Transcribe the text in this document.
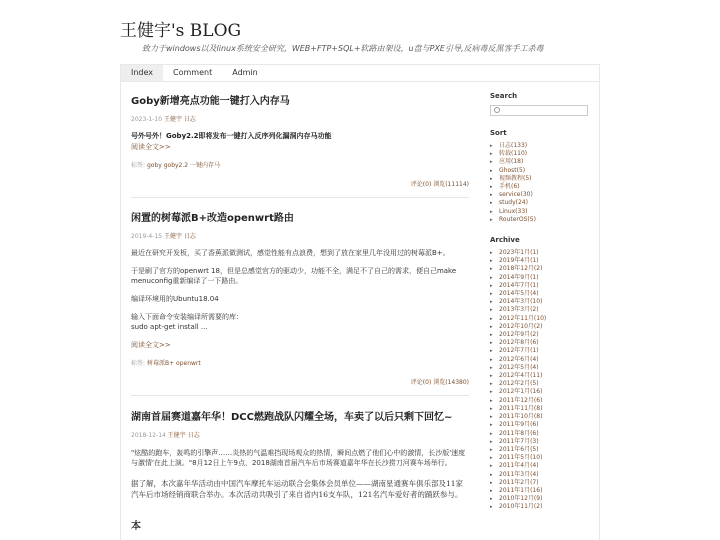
王健宇's BLOG
致力于windows以及linux系统安全研究，WEB+FTP+SQL+软路由架设，u盘与PXE引导,反病毒反黑客手工杀毒
Index	Comment	Admin
Goby新增亮点功能一键打入内存马
2023-1-10 王健宇 日志

号外号外！Goby2.2即将发布一键打入反序列化漏洞内存马功能

阅读全文>>
标签: goby goby2.2 一键内存马
评论(0) 浏览(11114)
闲置的树莓派B+改造openwrt路由
2019-4-15 王健宇 日志

最近在研究开发板，买了香蕉派做测试，感觉性能有点浪费，想到了放在家里几年没用过的树莓派B+。

于是刷了官方的openwrt 18，但是总感觉官方的驱动少，功能不全，满足不了自己的需求，便自己make menuconfig重新编译了一下路由。

编译环境用的Ubuntu18.04

输入下面命令安装编译所需要的库：
sudo apt-get install ...

阅读全文>>
标签: 树莓派B+ openwrt
评论(0) 浏览(14380)
湖南首届赛道嘉年华！DCC燃跑战队闪耀全场，车卖了以后只剩下回忆~
2018-12-14 王健宇 日志

"炫酷的跑车，轰鸣的引擎声……炎热的气温难挡现场观众的热情，瞬间点燃了他们心中的激情，长沙版'速度与激情'在此上演。"8月12日上午9点，2018湖南首届汽车后市场赛道嘉年华在长沙捞刀河赛车场举行。

据了解，本次嘉年华活动由中国汽车摩托车运动联合会集体会员单位——湖南星通赛车俱乐部及11家汽车后市场经销商联合举办。本次活动共吸引了来自省内16支车队，121名汽车爱好者的踊跃参与。

本

Search
Sort
▸	日志(133)
▸	转载(110)
▸	应用(18)
▸	Ghost(5)
▸	视频教程(5)
▸	手机(6)
▸	service(30)
▸	study(24)
▸	Linux(33)
▸	RouterOS(5)
Archive
▸	2023年1月(1)
▸	2019年4月(1)
▸	2018年12月(2)
▸	2014年9月(1)
▸	2014年7月(1)
▸	2014年5月(4)
▸	2014年3月(10)
▸	2013年3月(2)
▸	2012年11月(10)
▸	2012年10月(2)
▸	2012年9月(2)
▸	2012年8月(6)
▸	2012年7月(1)
▸	2012年6月(4)
▸	2012年5月(4)
▸	2012年4月(11)
▸	2012年2月(5)
▸	2012年1月(16)
▸	2011年12月(6)
▸	2011年11月(8)
▸	2011年10月(8)
▸	2011年9月(6)
▸	2011年8月(6)
▸	2011年7月(3)
▸	2011年6月(5)
▸	2011年5月(10)
▸	2011年4月(4)
▸	2011年3月(4)
▸	2011年2月(7)
▸	2011年1月(16)
▸	2010年12月(9)
▸	2010年11月(2)
